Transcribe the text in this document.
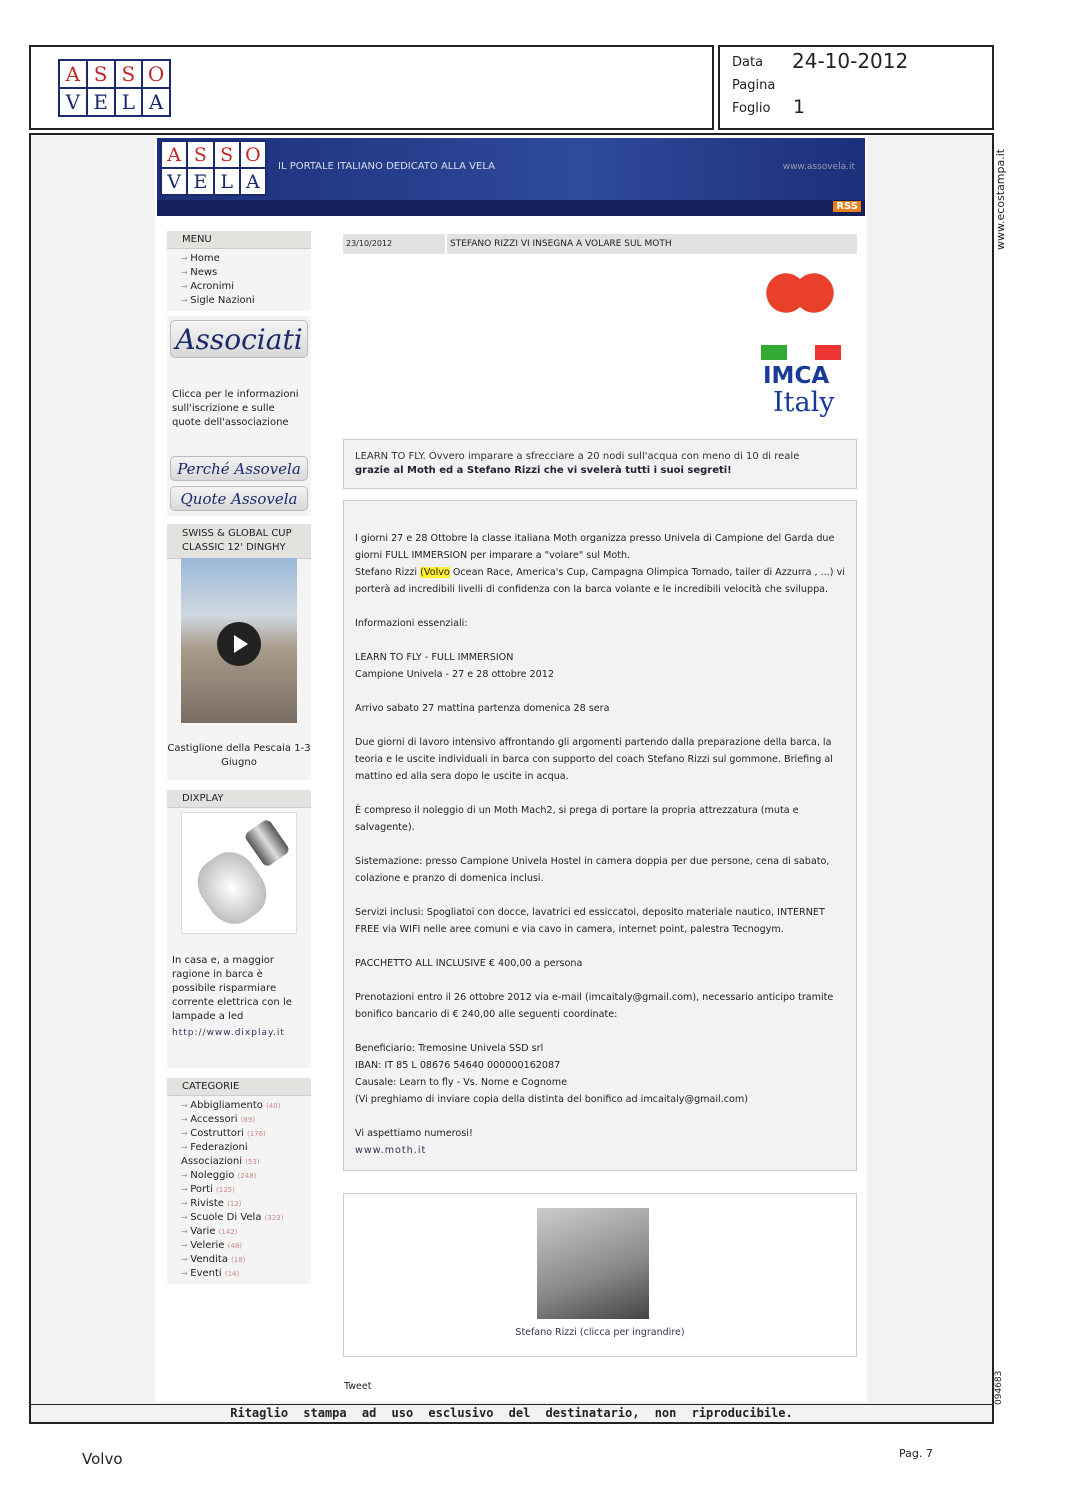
A S S O
V E L A
Data 24-10-2012
Pagina
Foglio 1
Ritaglio stampa ad uso esclusivo del destinatario, non riproducibile.
www.ecostampa.it
094683
A S S O
V E L A
IL PORTALE ITALIANO DEDICATO ALLA VELA	www.assovela.it
RSS
MENU
→ Home
→ News
→ Acronimi
→ Sigle Nazioni
Associati

Clicca per le informazioni sull'iscrizione e sulle quote dell'associazione

Perché Assovela
Quote Assovela
SWISS & GLOBAL CUP CLASSIC 12' DINGHY

Castiglione della Pescaia 1-3 Giugno

DIXPLAY

In casa e, a maggior ragione in barca è possibile risparmiare corrente elettrica con le lampade a led

http://www.dixplay.it
CATEGORIE
→ Abbigliamento (40)
→ Accessori (89)
→ Costruttori (176)
→ Federazioni Associazioni (53)
→ Noleggio (248)
→ Porti (125)
→ Riviste (12)
→ Scuole Di Vela (323)
→ Varie (142)
→ Velerie (48)
→ Vendita (18)
→ Eventi (14)
23/10/2012	STEFANO RIZZI VI INSEGNA A VOLARE SUL MOTH
IMCA
Italy
LEARN TO FLY. Ovvero imparare a sfrecciare a 20 nodi sull'acqua con meno di 10 di reale
grazie al Moth ed a Stefano Rizzi che vi svelerà tutti i suoi segreti!

I giorni 27 e 28 Ottobre la classe italiana Moth organizza presso Univela di Campione del Garda due giorni FULL IMMERSION per imparare a "volare" sul Moth.
Stefano Rizzi (Volvo Ocean Race, America's Cup, Campagna Olimpica Tornado, tailer di Azzurra , ...) vi porterà ad incredibili livelli di confidenza con la barca volante e le incredibili velocità che sviluppa.

Informazioni essenziali:

LEARN TO FLY - FULL IMMERSION
Campione Univela - 27 e 28 ottobre 2012

Arrivo sabato 27 mattina partenza domenica 28 sera

Due giorni di lavoro intensivo affrontando gli argomenti partendo dalla preparazione della barca, la teoria e le uscite individuali in barca con supporto del coach Stefano Rizzi sul gommone. Briefing al mattino ed alla sera dopo le uscite in acqua.

È compreso il noleggio di un Moth Mach2, si prega di portare la propria attrezzatura (muta e salvagente).

Sistemazione: presso Campione Univela Hostel in camera doppia per due persone, cena di sabato, colazione e pranzo di domenica inclusi.

Servizi inclusi: Spogliatoi con docce, lavatrici ed essiccatoi, deposito materiale nautico, INTERNET FREE via WIFI nelle aree comuni e via cavo in camera, internet point, palestra Tecnogym.

PACCHETTO ALL INCLUSIVE € 400,00 a persona

Prenotazioni entro il 26 ottobre 2012 via e-mail (imcaitaly@gmail.com), necessario anticipo tramite bonifico bancario di € 240,00 alle seguenti coordinate:

Beneficiario: Tremosine Univela SSD srl
IBAN: IT 85 L 08676 54640 000000162087
Causale: Learn to fly - Vs. Nome e Cognome
(Vi preghiamo di inviare copia della distinta del bonifico ad imcaitaly@gmail.com)

Vi aspettiamo numerosi!
www.moth.it

Stefano Rizzi (clicca per ingrandire)

Tweet
Volvo	Pag. 7
